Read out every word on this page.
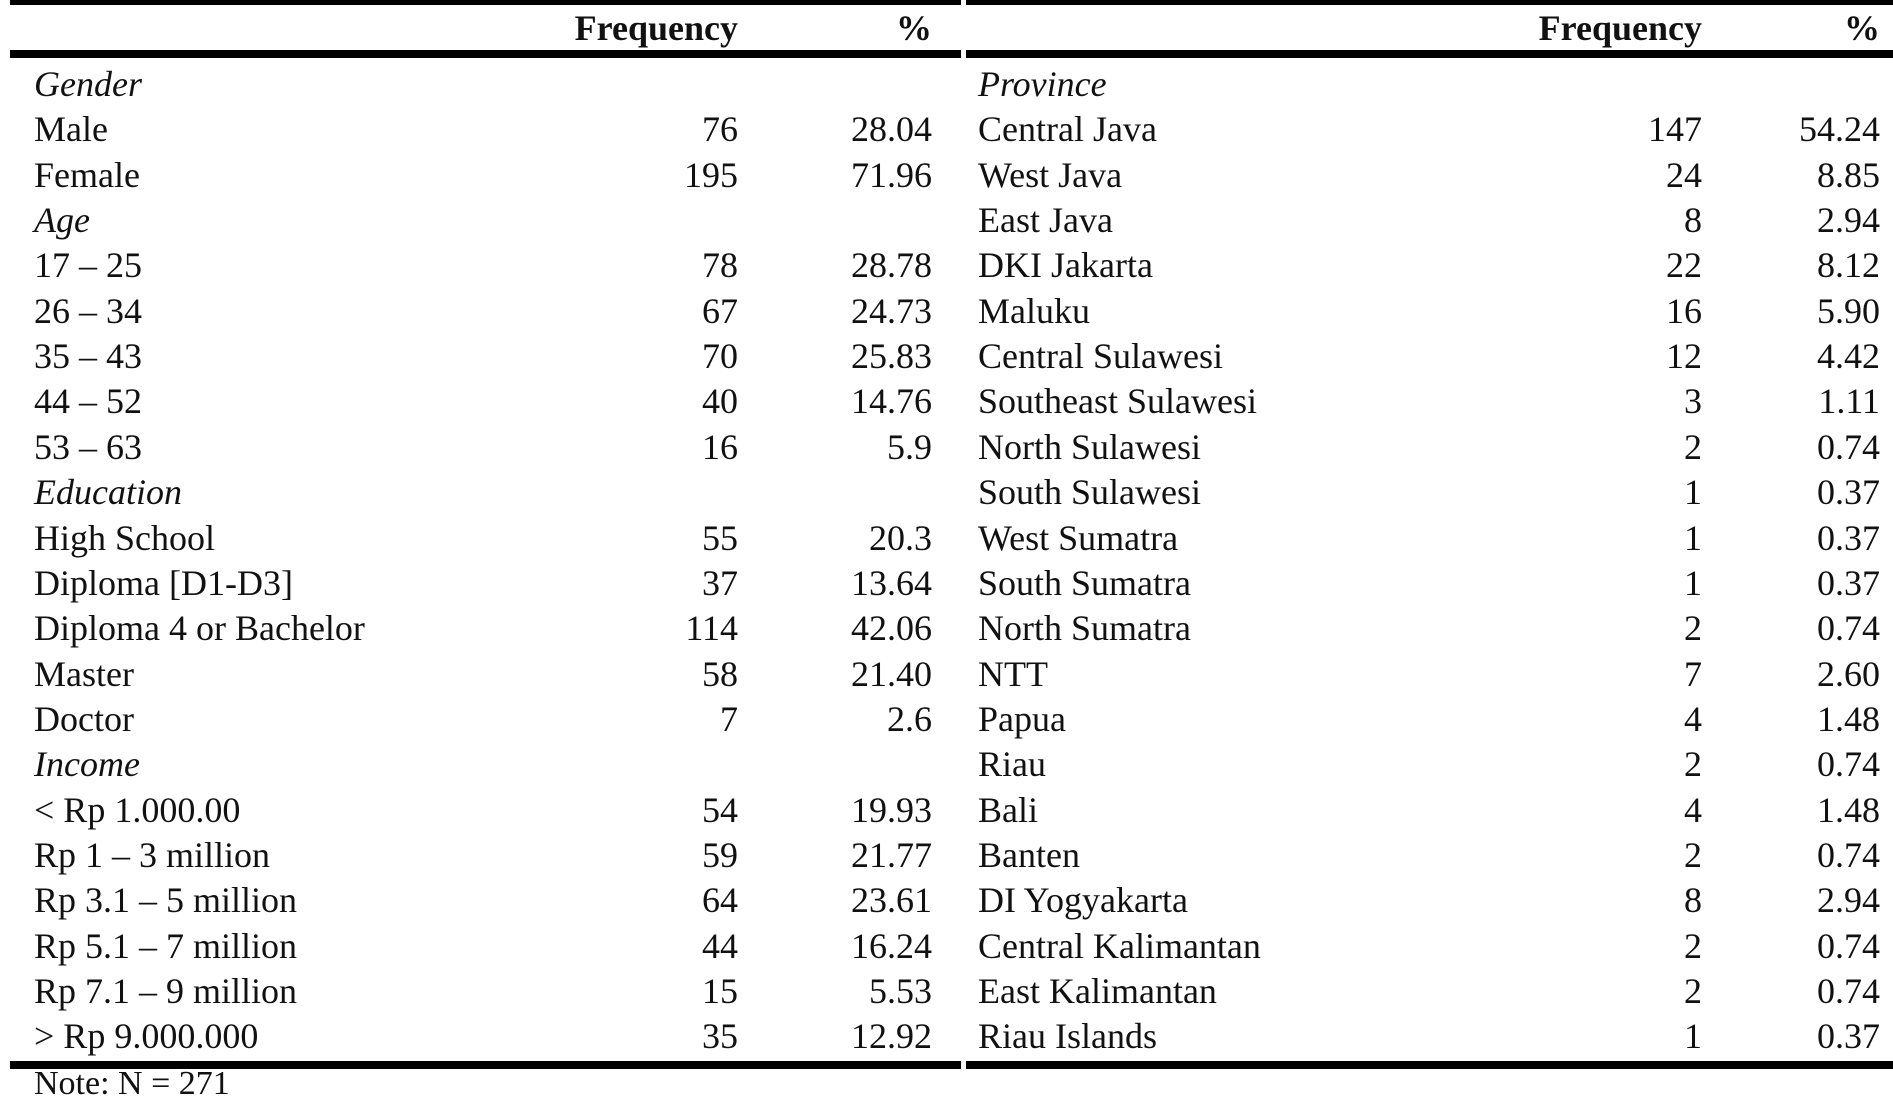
Frequency	%	Frequency	%
Gender
Male	76	28.04
Female	195	71.96
Age
17 – 25	78	28.78
26 – 34	67	24.73
35 – 43	70	25.83
44 – 52	40	14.76
53 – 63	16	5.9
Education
High School	55	20.3
Diploma [D1-D3]	37	13.64
Diploma 4 or Bachelor	114	42.06
Master	58	21.40
Doctor	7	2.6
Income
< Rp 1.000.00	54	19.93
Rp 1 – 3 million	59	21.77
Rp 3.1 – 5 million	64	23.61
Rp 5.1 – 7 million	44	16.24
Rp 7.1 – 9 million	15	5.53
> Rp 9.000.000	35	12.92
Province
Central Java	147	54.24
West Java	24	8.85
East Java	8	2.94
DKI Jakarta	22	8.12
Maluku	16	5.90
Central Sulawesi	12	4.42
Southeast Sulawesi	3	1.11
North Sulawesi	2	0.74
South Sulawesi	1	0.37
West Sumatra	1	0.37
South Sumatra	1	0.37
North Sumatra	2	0.74
NTT	7	2.60
Papua	4	1.48
Riau	2	0.74
Bali	4	1.48
Banten	2	0.74
DI Yogyakarta	8	2.94
Central Kalimantan	2	0.74
East Kalimantan	2	0.74
Riau Islands	1	0.37
Note: N = 271
